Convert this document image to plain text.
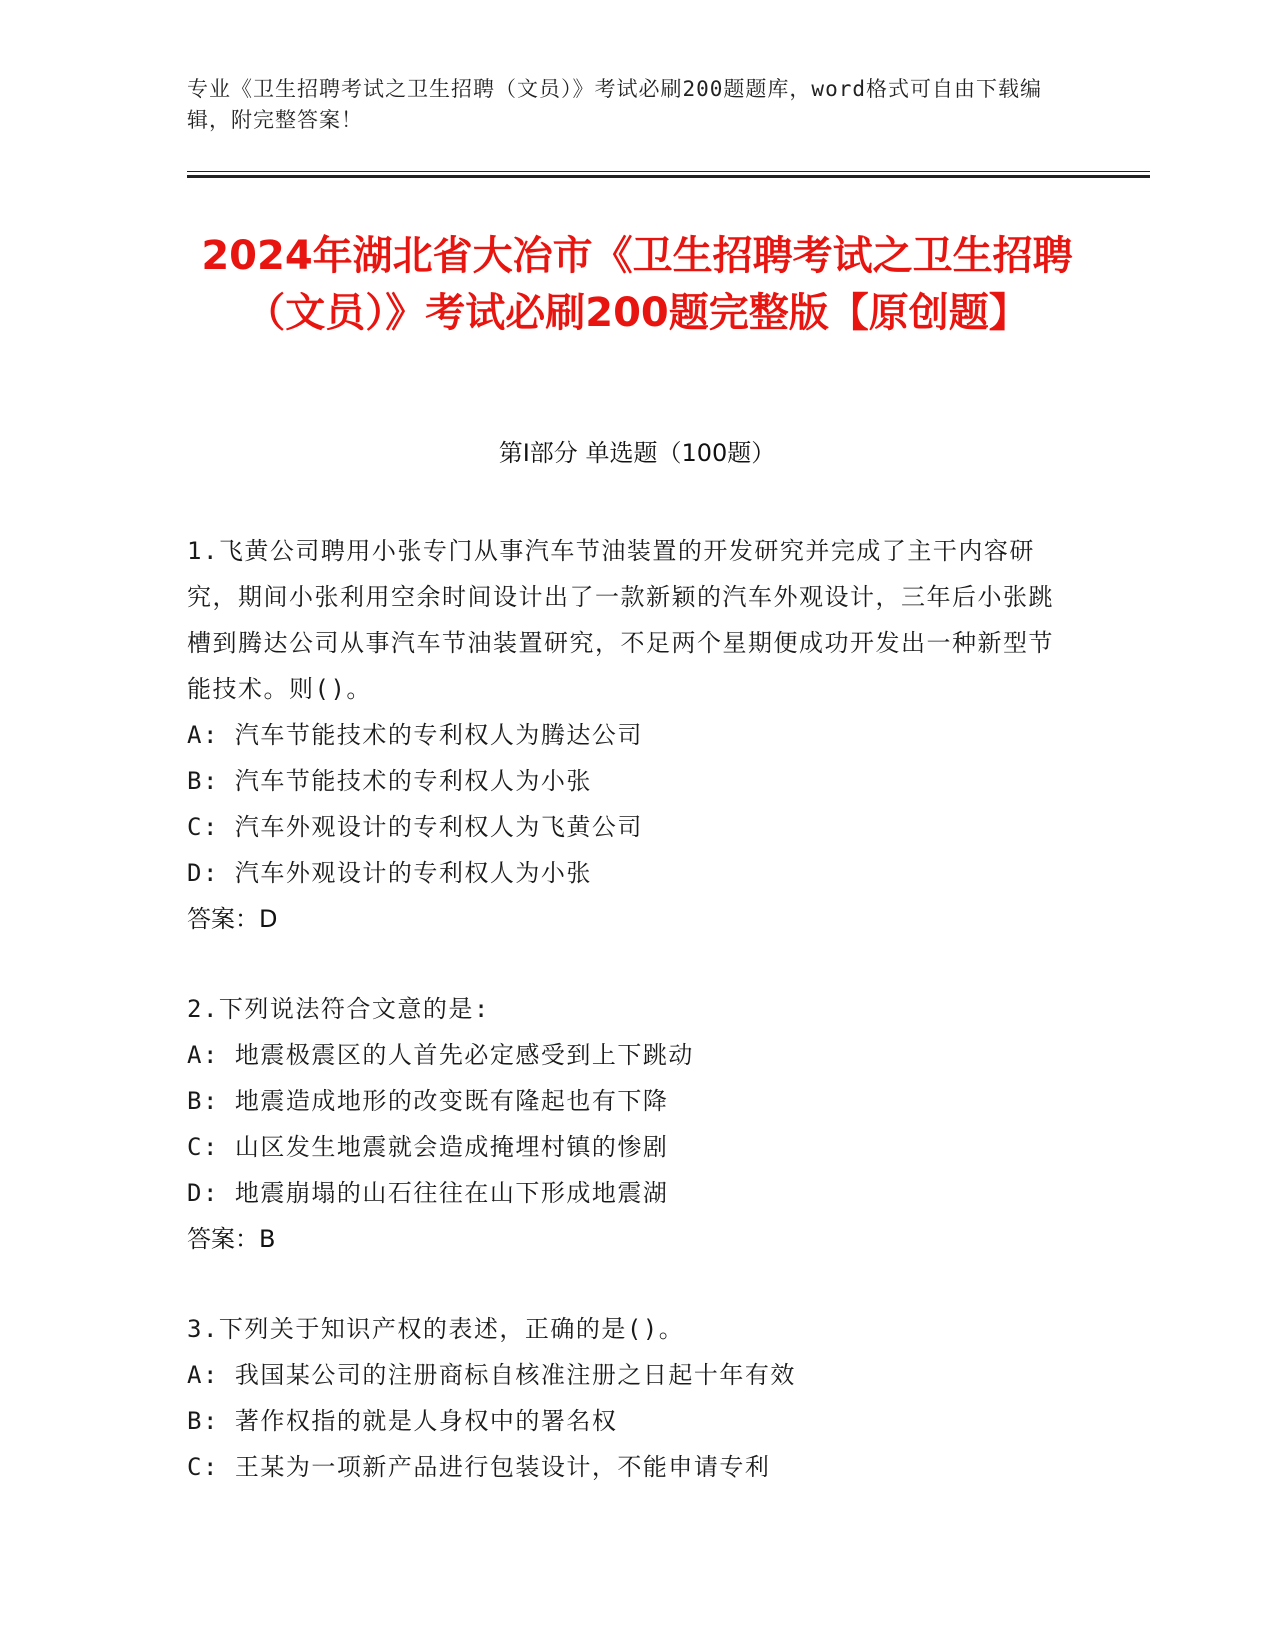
专业《卫生招聘考试之卫生招聘（文员）》考试必刷200题题库，word格式可自由下载编辑，附完整答案！
2024年湖北省大冶市《卫生招聘考试之卫生招聘（文员）》考试必刷200题完整版【原创题】
第Ⅰ部分 单选题（100题）
1.飞黄公司聘用小张专门从事汽车节油装置的开发研究并完成了主干内容研究，期间小张利用空余时间设计出了一款新颖的汽车外观设计，三年后小张跳槽到腾达公司从事汽车节油装置研究，不足两个星期便成功开发出一种新型节能技术。则()。
A: 汽车节能技术的专利权人为腾达公司
B: 汽车节能技术的专利权人为小张
C: 汽车外观设计的专利权人为飞黄公司
D: 汽车外观设计的专利权人为小张
答案：D
2.下列说法符合文意的是:
A: 地震极震区的人首先必定感受到上下跳动
B: 地震造成地形的改变既有隆起也有下降
C: 山区发生地震就会造成掩埋村镇的惨剧
D: 地震崩塌的山石往往在山下形成地震湖
答案：B
3.下列关于知识产权的表述，正确的是()。
A: 我国某公司的注册商标自核准注册之日起十年有效
B: 著作权指的就是人身权中的署名权
C: 王某为一项新产品进行包装设计，不能申请专利
